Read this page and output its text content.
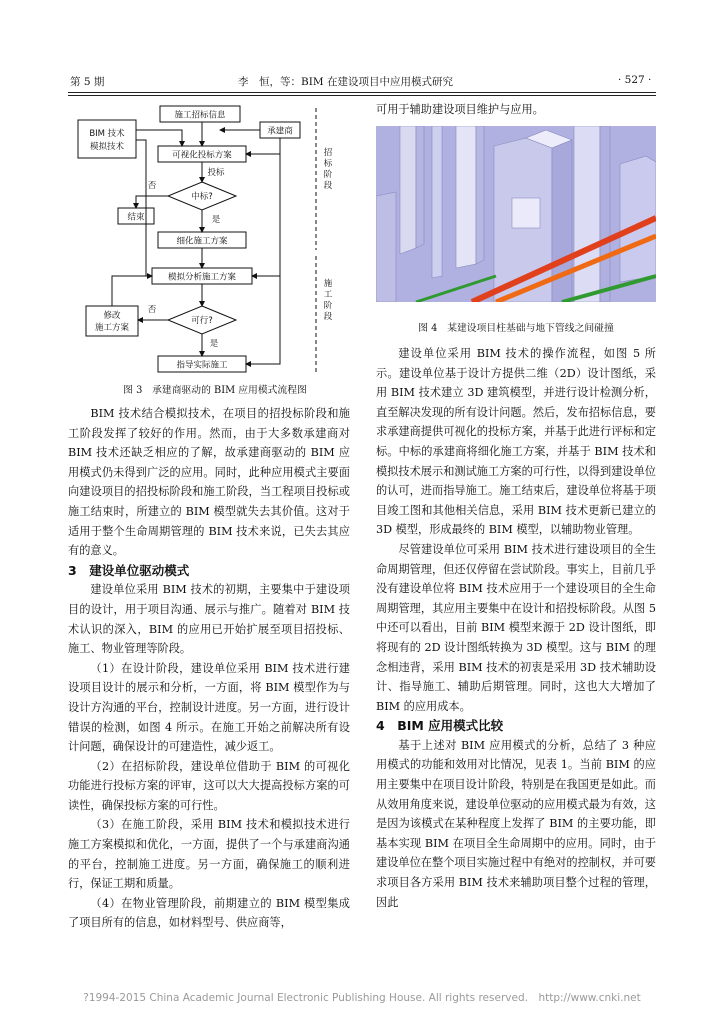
第 5 期	李　恒，等：BIM 在建设项目中应用模式研究	· 527 ·
施工招标信息
BIM 技术
模拟技术
承建商
可视化投标方案
投标
否
中标?
结束	是
细化施工方案
模拟分析施工方案
修改
施工方案
否
可行?
是
指导实际施工
招
标
阶
段
施
工
阶
段
图 3　承建商驱动的 BIM 应用模式流程图

BIM 技术结合模拟技术，在项目的招投标阶段和施工阶段发挥了较好的作用。然而，由于大多数承建商对 BIM 技术还缺乏相应的了解，故承建商驱动的 BIM 应用模式仍未得到广泛的应用。同时，此种应用模式主要面向建设项目的招投标阶段和施工阶段，当工程项目投标或施工结束时，所建立的 BIM 模型就失去其价值。这对于适用于整个生命周期管理的 BIM 技术来说，已失去其应有的意义。

3　建设单位驱动模式

建设单位采用 BIM 技术的初期，主要集中于建设项目的设计，用于项目沟通、展示与推广。随着对 BIM 技术认识的深入，BIM 的应用已开始扩展至项目招投标、施工、物业管理等阶段。

（1）在设计阶段，建设单位采用 BIM 技术进行建设项目设计的展示和分析，一方面，将 BIM 模型作为与设计方沟通的平台，控制设计进度。另一方面，进行设计错误的检测，如图 4 所示。在施工开始之前解决所有设计问题，确保设计的可建造性，减少返工。

（2）在招标阶段，建设单位借助于 BIM 的可视化功能进行投标方案的评审，这可以大大提高投标方案的可读性，确保投标方案的可行性。

（3）在施工阶段，采用 BIM 技术和模拟技术进行施工方案模拟和优化，一方面，提供了一个与承建商沟通的平台，控制施工进度。另一方面，确保施工的顺利进行，保证工期和质量。

（4）在物业管理阶段，前期建立的 BIM 模型集成了项目所有的信息，如材料型号、供应商等，

可用于辅助建设项目维护与应用。

图 4　某建设项目柱基础与地下管线之间碰撞

建设单位采用 BIM 技术的操作流程，如图 5 所示。建设单位基于设计方提供二维（2D）设计图纸，采用 BIM 技术建立 3D 建筑模型，并进行设计检测分析，直至解决发现的所有设计问题。然后，发布招标信息，要求承建商提供可视化的投标方案，并基于此进行评标和定标。中标的承建商将细化施工方案，并基于 BIM 技术和模拟技术展示和测试施工方案的可行性，以得到建设单位的认可，进而指导施工。施工结束后，建设单位将基于项目竣工图和其他相关信息，采用 BIM 技术更新已建立的 3D 模型，形成最终的 BIM 模型，以辅助物业管理。

尽管建设单位可采用 BIM 技术进行建设项目的全生命周期管理，但还仅停留在尝试阶段。事实上，目前几乎没有建设单位将 BIM 技术应用于一个建设项目的全生命周期管理，其应用主要集中在设计和招投标阶段。从图 5 中还可以看出，目前 BIM 模型来源于 2D 设计图纸，即将现有的 2D 设计图纸转换为 3D 模型。这与 BIM 的理念相违背，采用 BIM 技术的初衷是采用 3D 技术辅助设计、指导施工、辅助后期管理。同时，这也大大增加了 BIM 的应用成本。

4　BIM 应用模式比较

基于上述对 BIM 应用模式的分析，总结了 3 种应用模式的功能和效用对比情况，见表 1。当前 BIM 的应用主要集中在项目设计阶段，特别是在我国更是如此。而从效用角度来说，建设单位驱动的应用模式最为有效，这是因为该模式在某种程度上发挥了 BIM 的主要功能，即基本实现 BIM 在项目全生命周期中的应用。同时，由于建设单位在整个项目实施过程中有绝对的控制权，并可要求项目各方采用 BIM 技术来辅助项目整个过程的管理，因此

?1994-2015 China Academic Journal Electronic Publishing House. All rights reserved.　http://www.cnki.net
